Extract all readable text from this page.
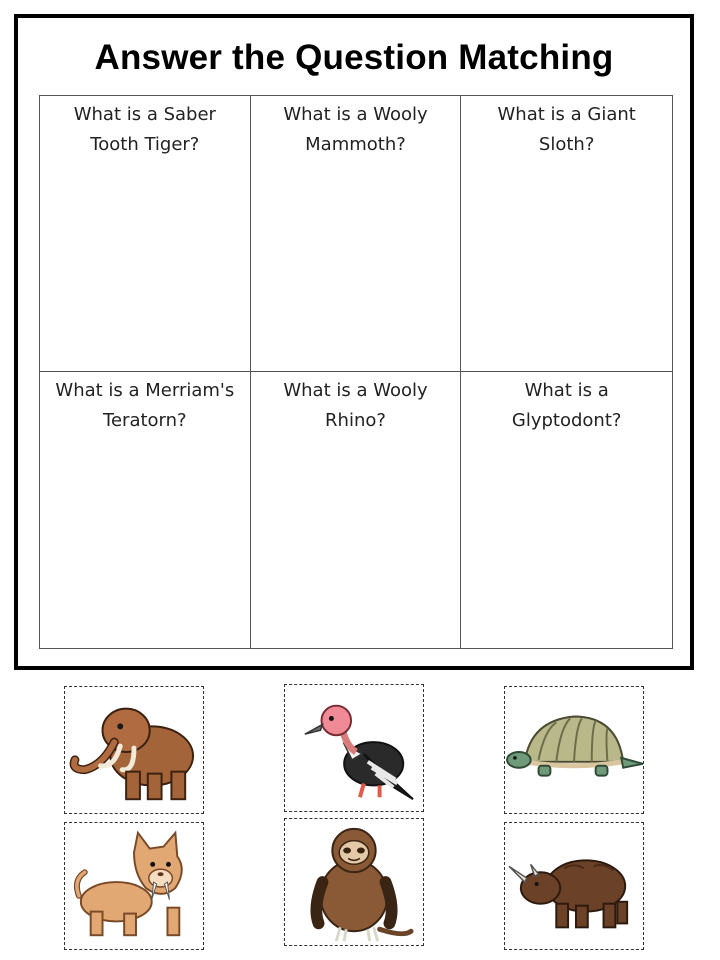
Answer the Question Matching
What is a Saber
Tooth Tiger?
What is a Wooly
Mammoth?
What is a Giant
Sloth?
What is a Merriam's
Teratorn?
What is a Wooly
Rhino?
What is a
Glyptodont?
